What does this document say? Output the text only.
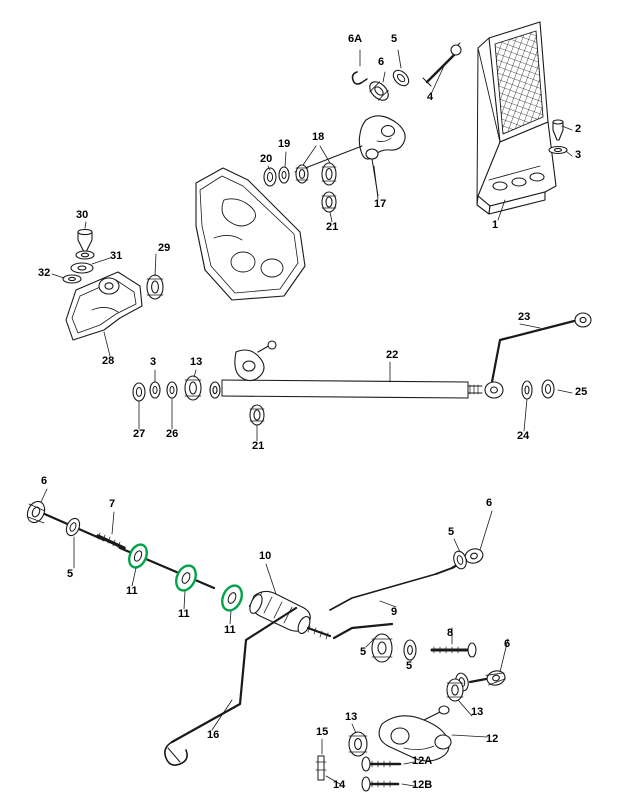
6A	5
6
4
2
3
19
18
20
17
21	1
30
31
29
32
28
23
3	13
22
25
27 26
21
24
6
7	6
5
5
10
11
11
11
9
8
6
5
5
16	15
13	13
12
12A
14	12B
